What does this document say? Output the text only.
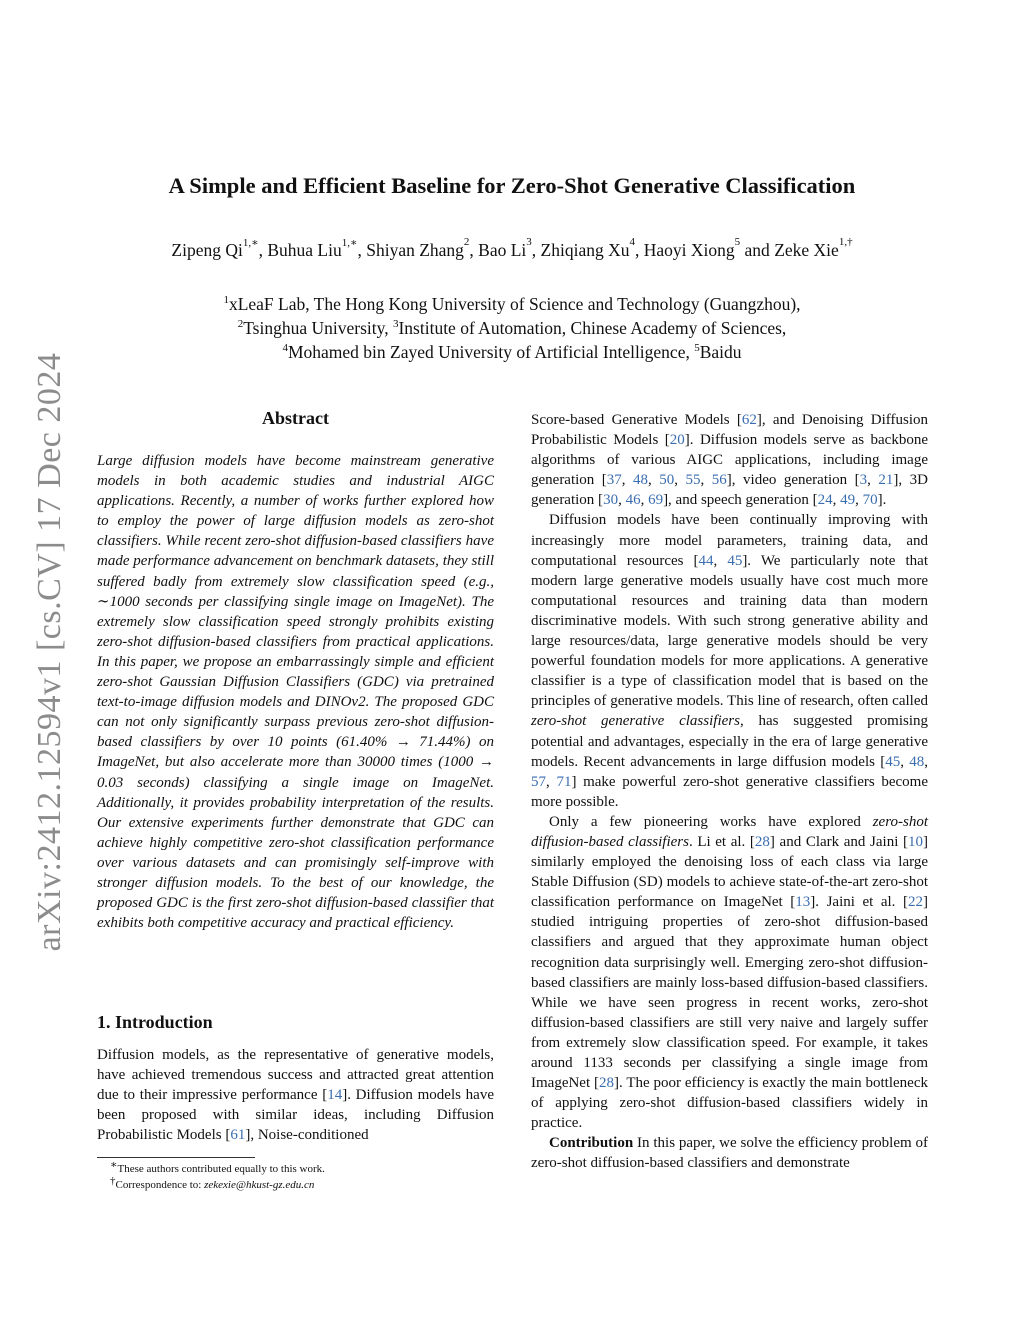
arXiv:2412.12594v1 [cs.CV] 17 Dec 2024
A Simple and Efficient Baseline for Zero-Shot Generative Classification
Zipeng $Qi^{1,∗}$, Buhua Liu$^{1,∗}$, Shiyan Zhang$^2$, Bao Li$^3$, Zhiqiang Xu$^4$, Haoyi Xiong$^5$ and Zeke Xie$^{1,\dagger}$
$^1$xLeaF Lab, The Hong Kong University of Science and Technology (Guangzhou),
$^2$Tsinghua University, $^3$Institute of Automation, Chinese Academy of Sciences,
$^4$Mohamed bin Zayed University of Artificial Intelligence, $^5$Baidu
Abstract
Large diffusion models have become mainstream generative models in both academic studies and industrial AIGC applications. Recently, a number of works further explored how to employ the power of large diffusion models as zero-shot classifiers. While recent zero-shot diffusion-based classifiers have made performance advancement on benchmark datasets, they still suffered badly from extremely slow classification speed (e.g., ∼1000 seconds per classifying single image on ImageNet). The extremely slow classification speed strongly prohibits existing zero-shot diffusion-based classifiers from practical applications. In this paper, we propose an embarrassingly simple and efficient zero-shot Gaussian Diffusion Classifiers (GDC) via pretrained text-to-image diffusion models and DINOv2. The proposed GDC can not only significantly surpass previous zero-shot diffusion-based classifiers by over 10 points (61.40% → 71.44%) on ImageNet, but also accelerate more than 30000 times (1000 → 0.03 seconds) classifying a single image on ImageNet. Additionally, it provides probability interpretation of the results. Our extensive experiments further demonstrate that GDC can achieve highly competitive zero-shot classification performance over various datasets and can promisingly self-improve with stronger diffusion models. To the best of our knowledge, the proposed GDC is the first zero-shot diffusion-based classifier that exhibits both competitive accuracy and practical efficiency.
1. Introduction
Diffusion models, as the representative of generative models, have achieved tremendous success and attracted great attention due to their impressive performance [14]. Diffusion models have been proposed with similar ideas, including Diffusion Probabilistic Models [61], Noise-conditioned
∗These authors contributed equally to this work.
†Correspondence to: zekexie@hkust-gz.edu.cn

Score-based Generative Models [62], and Denoising Diffusion Probabilistic Models [20]. Diffusion models serve as backbone algorithms of various AIGC applications, including image generation [37, 48, 50, 55, 56], video generation [3, 21], 3D generation [30, 46, 69], and speech generation [24, 49, 70].

Diffusion models have been continually improving with increasingly more model parameters, training data, and computational resources [44, 45]. We particularly note that modern large generative models usually have cost much more computational resources and training data than modern discriminative models. With such strong generative ability and large resources/data, large generative models should be very powerful foundation models for more applications. A generative classifier is a type of classification model that is based on the principles of generative models. This line of research, often called zero-shot generative classifiers, has suggested promising potential and advantages, especially in the era of large generative models. Recent advancements in large diffusion models [45, 48, 57, 71] make powerful zero-shot generative classifiers become more possible.

Only a few pioneering works have explored zero-shot diffusion-based classifiers. Li et al. [28] and Clark and Jaini [10] similarly employed the denoising loss of each class via large Stable Diffusion (SD) models to achieve state-of-the-art zero-shot classification performance on ImageNet [13]. Jaini et al. [22] studied intriguing properties of zero-shot diffusion-based classifiers and argued that they approximate human object recognition data surprisingly well. Emerging zero-shot diffusion-based classifiers are mainly loss-based diffusion-based classifiers. While we have seen progress in recent works, zero-shot diffusion-based classifiers are still very naive and largely suffer from extremely slow classification speed. For example, it takes around 1133 seconds per classifying a single image from ImageNet [28]. The poor efficiency is exactly the main bottleneck of applying zero-shot diffusion-based classifiers widely in practice.

Contribution In this paper, we solve the efficiency problem of zero-shot diffusion-based classifiers and demonstrate
